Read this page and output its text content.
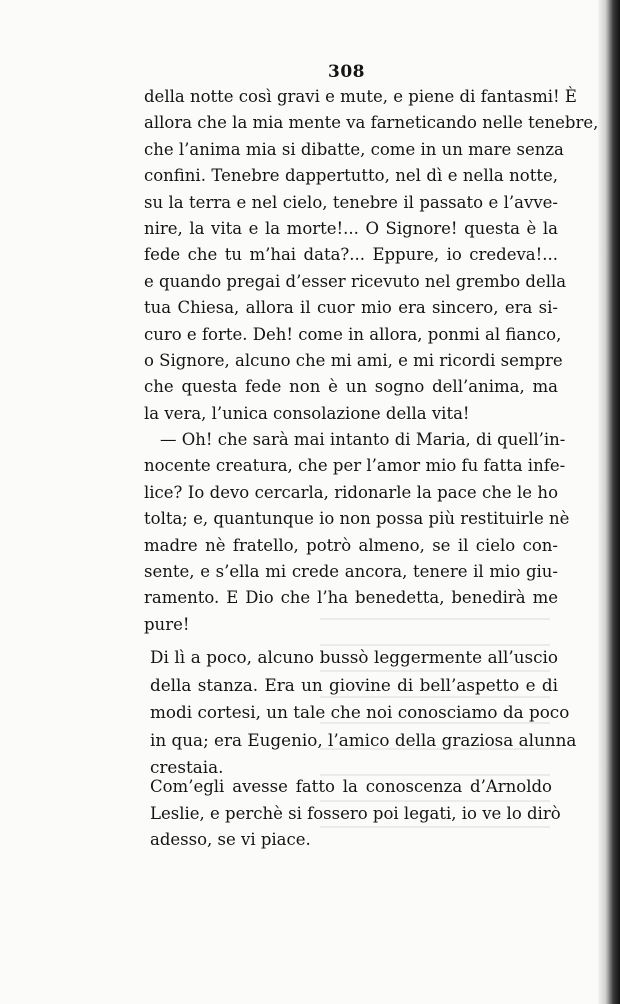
308
della notte così gravi e mute, e piene di fantasmi! È
allora che la mia mente va farneticando nelle tenebre,
che l’anima mia si dibatte, come in un mare senza
confini. Tenebre dappertutto, nel dì e nella notte,
su la terra e nel cielo, tenebre il passato e l’avve-
nire, la vita e la morte!... O Signore! questa è la
fede che tu m’hai data?... Eppure, io credeva!...
e quando pregai d’esser ricevuto nel grembo della
tua Chiesa, allora il cuor mio era sincero, era si-
curo e forte. Deh! come in allora, ponmi al fianco,
o Signore, alcuno che mi ami, e mi ricordi sempre
che questa fede non è un sogno dell’anima, ma
la vera, l’unica consolazione della vita!
— Oh! che sarà mai intanto di Maria, di quell’in-
nocente creatura, che per l’amor mio fu fatta infe-
lice? Io devo cercarla, ridonarle la pace che le ho
tolta; e, quantunque io non possa più restituirle nè
madre nè fratello, potrò almeno, se il cielo con-
sente, e s’ella mi crede ancora, tenere il mio giu-
ramento. E Dio che l’ha benedetta, benedirà me
pure!
Di lì a poco, alcuno bussò leggermente all’uscio
della stanza. Era un giovine di bell’aspetto e di
modi cortesi, un tale che noi conosciamo da poco
in qua; era Eugenio, l’amico della graziosa alunna
crestaia.
Com’egli avesse fatto la conoscenza d’Arnoldo
Leslie, e perchè si fossero poi legati, io ve lo dirò
adesso, se vi piace.
